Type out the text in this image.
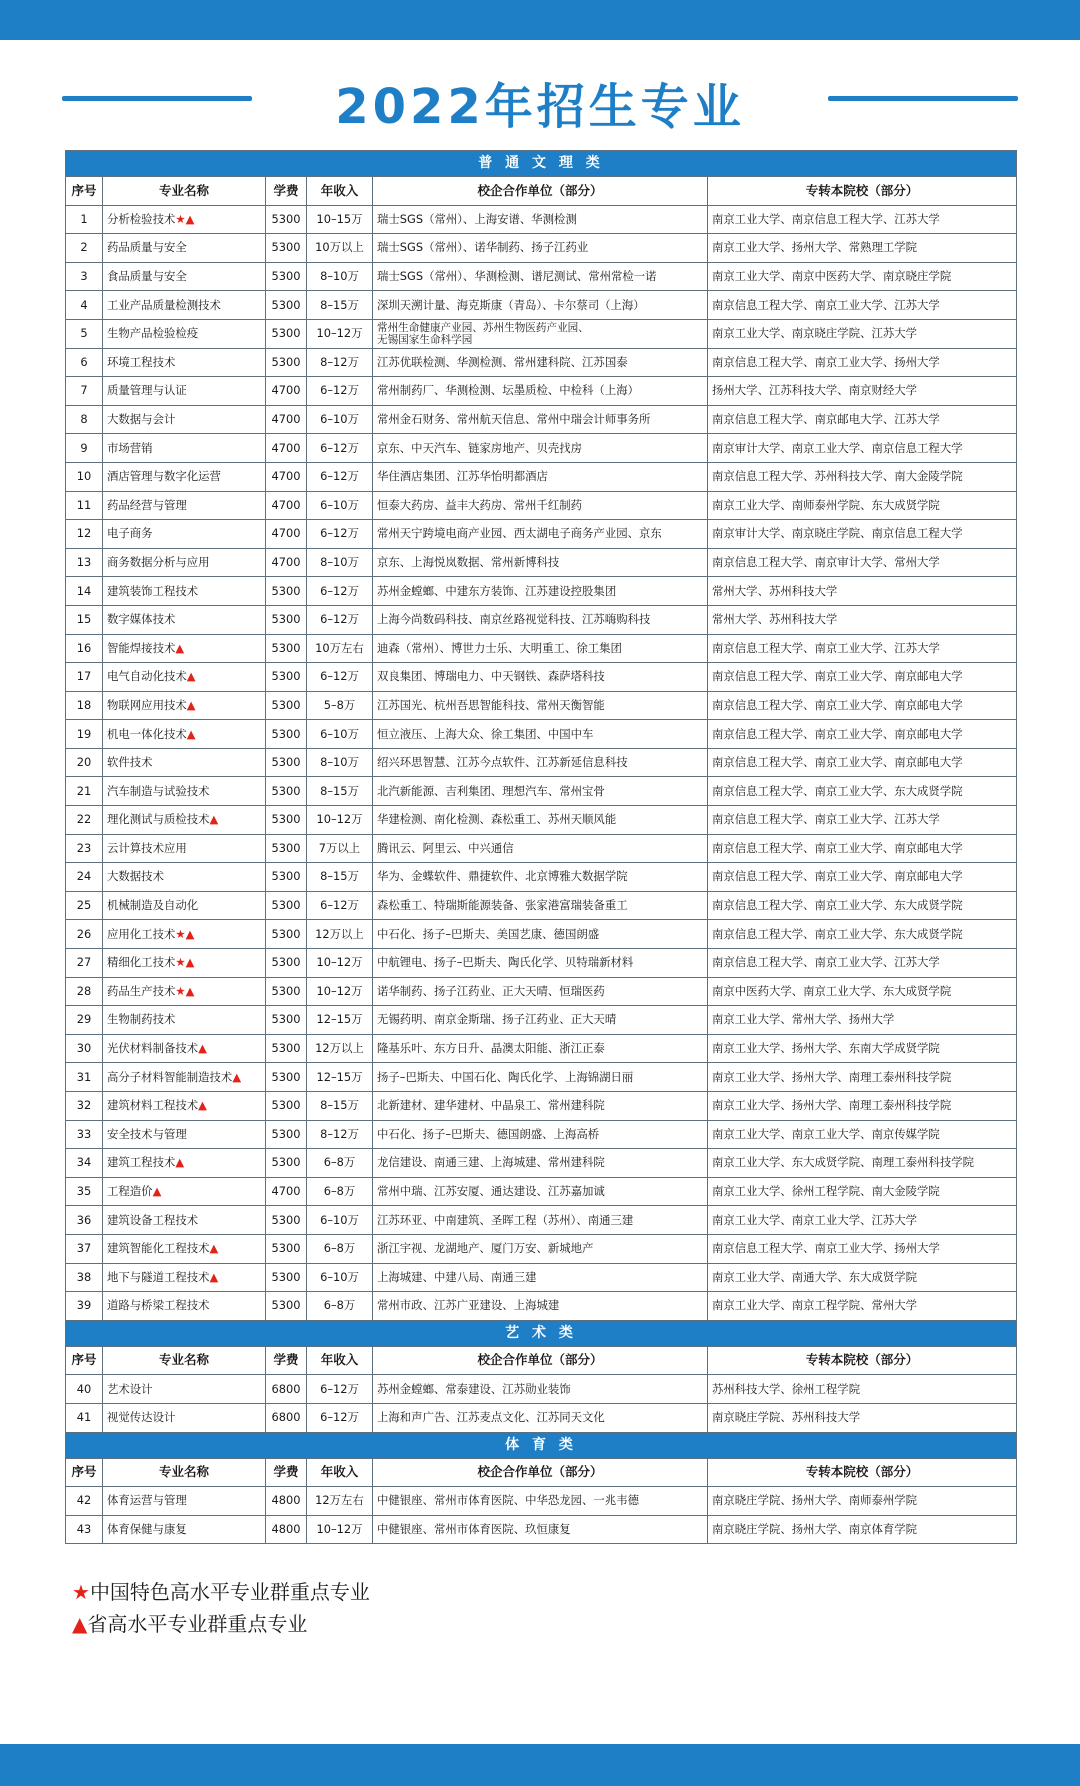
2022年招生专业
普 通 文 理 类					
序号	专业名称	学费	年收入	校企合作单位（部分）	专转本院校（部分）
1	分析检验技术★▲	5300	10–15万	瑞士SGS（常州）、上海安谱、华测检测	南京工业大学、南京信息工程大学、江苏大学
2	药品质量与安全	5300	10万以上	瑞士SGS（常州）、诺华制药、扬子江药业	南京工业大学、扬州大学、常熟理工学院
3	食品质量与安全	5300	8–10万	瑞士SGS（常州）、华测检测、谱尼测试、常州常检一诺	南京工业大学、南京中医药大学、南京晓庄学院
4	工业产品质量检测技术	5300	8–15万	深圳天溯计量、海克斯康（青岛）、卡尔蔡司（上海）	南京信息工程大学、南京工业大学、江苏大学
5	生物产品检验检疫	5300	10–12万	常州生命健康产业园、苏州生物医药产业园、
无锡国家生命科学园	南京工业大学、南京晓庄学院、江苏大学
6	环境工程技术	5300	8–12万	江苏优联检测、华测检测、常州建科院、江苏国泰	南京信息工程大学、南京工业大学、扬州大学
7	质量管理与认证	4700	6–12万	常州制药厂、华测检测、坛墨质检、中检科（上海）	扬州大学、江苏科技大学、南京财经大学
8	大数据与会计	4700	6–10万	常州金石财务、常州航天信息、常州中瑞会计师事务所	南京信息工程大学、南京邮电大学、江苏大学
9	市场营销	4700	6–12万	京东、中天汽车、链家房地产、贝壳找房	南京审计大学、南京工业大学、南京信息工程大学
10	酒店管理与数字化运营	4700	6–12万	华住酒店集团、江苏华怡明都酒店	南京信息工程大学、苏州科技大学、南大金陵学院
11	药品经营与管理	4700	6–10万	恒泰大药房、益丰大药房、常州千红制药	南京工业大学、南师泰州学院、东大成贤学院
12	电子商务	4700	6–12万	常州天宁跨境电商产业园、西太湖电子商务产业园、京东	南京审计大学、南京晓庄学院、南京信息工程大学
13	商务数据分析与应用	4700	8–10万	京东、上海悦岚数据、常州新博科技	南京信息工程大学、南京审计大学、常州大学
14	建筑装饰工程技术	5300	6–12万	苏州金螳螂、中建东方装饰、江苏建设控股集团	常州大学、苏州科技大学
15	数字媒体技术	5300	6–12万	上海今尚数码科技、南京丝路视觉科技、江苏嗨购科技	常州大学、苏州科技大学
16	智能焊接技术▲	5300	10万左右	迪森（常州）、博世力士乐、大明重工、徐工集团	南京信息工程大学、南京工业大学、江苏大学
17	电气自动化技术▲	5300	6–12万	双良集团、博瑞电力、中天钢铁、森萨塔科技	南京信息工程大学、南京工业大学、南京邮电大学
18	物联网应用技术▲	5300	5–8万	江苏国光、杭州吾思智能科技、常州天衡智能	南京信息工程大学、南京工业大学、南京邮电大学
19	机电一体化技术▲	5300	6–10万	恒立液压、上海大众、徐工集团、中国中车	南京信息工程大学、南京工业大学、南京邮电大学
20	软件技术	5300	8–10万	绍兴环思智慧、江苏今点软件、江苏新延信息科技	南京信息工程大学、南京工业大学、南京邮电大学
21	汽车制造与试验技术	5300	8–15万	北汽新能源、吉利集团、理想汽车、常州宝骨	南京信息工程大学、南京工业大学、东大成贤学院
22	理化测试与质检技术▲	5300	10–12万	华建检测、南化检测、森松重工、苏州天顺风能	南京信息工程大学、南京工业大学、江苏大学
23	云计算技术应用	5300	7万以上	腾讯云、阿里云、中兴通信	南京信息工程大学、南京工业大学、南京邮电大学
24	大数据技术	5300	8–15万	华为、金蝶软件、鼎捷软件、北京博雅大数据学院	南京信息工程大学、南京工业大学、南京邮电大学
25	机械制造及自动化	5300	6–12万	森松重工、特瑞斯能源装备、张家港富瑞装备重工	南京信息工程大学、南京工业大学、东大成贤学院
26	应用化工技术★▲	5300	12万以上	中石化、扬子–巴斯夫、美国艺康、德国朗盛	南京信息工程大学、南京工业大学、东大成贤学院
27	精细化工技术★▲	5300	10–12万	中航锂电、扬子–巴斯夫、陶氏化学、贝特瑞新材料	南京信息工程大学、南京工业大学、江苏大学
28	药品生产技术★▲	5300	10–12万	诺华制药、扬子江药业、正大天晴、恒瑞医药	南京中医药大学、南京工业大学、东大成贤学院
29	生物制药技术	5300	12–15万	无锡药明、南京金斯瑞、扬子江药业、正大天晴	南京工业大学、常州大学、扬州大学
30	光伏材料制备技术▲	5300	12万以上	隆基乐叶、东方日升、晶澳太阳能、浙江正泰	南京工业大学、扬州大学、东南大学成贤学院
31	高分子材料智能制造技术▲	5300	12–15万	扬子–巴斯夫、中国石化、陶氏化学、上海锦湖日丽	南京工业大学、扬州大学、南理工泰州科技学院
32	建筑材料工程技术▲	5300	8–15万	北新建材、建华建材、中晶泉工、常州建科院	南京工业大学、扬州大学、南理工泰州科技学院
33	安全技术与管理	5300	8–12万	中石化、扬子–巴斯夫、德国朗盛、上海高桥	南京工业大学、南京工业大学、南京传媒学院
34	建筑工程技术▲	5300	6–8万	龙信建设、南通三建、上海城建、常州建科院	南京工业大学、东大成贤学院、南理工泰州科技学院
35	工程造价▲	4700	6–8万	常州中瑞、江苏安厦、通达建设、江苏嘉加诚	南京工业大学、徐州工程学院、南大金陵学院
36	建筑设备工程技术	5300	6–10万	江苏环亚、中南建筑、圣晖工程（苏州）、南通三建	南京工业大学、南京工业大学、江苏大学
37	建筑智能化工程技术▲	5300	6–8万	浙江宇视、龙湖地产、厦门万安、新城地产	南京信息工程大学、南京工业大学、扬州大学
38	地下与隧道工程技术▲	5300	6–10万	上海城建、中建八局、南通三建	南京工业大学、南通大学、东大成贤学院
39	道路与桥梁工程技术	5300	6–8万	常州市政、江苏广亚建设、上海城建	南京工业大学、南京工程学院、常州大学
艺 术 类					
序号	专业名称	学费	年收入	校企合作单位（部分）	专转本院校（部分）
40	艺术设计	6800	6–12万	苏州金螳螂、常泰建设、江苏勋业装饰	苏州科技大学、徐州工程学院
41	视觉传达设计	6800	6–12万	上海和声广告、江苏麦点文化、江苏同天文化	南京晓庄学院、苏州科技大学
体 育 类					
序号	专业名称	学费	年收入	校企合作单位（部分）	专转本院校（部分）
42	体育运营与管理	4800	12万左右	中健银座、常州市体育医院、中华恐龙园、一兆韦德	南京晓庄学院、扬州大学、南师泰州学院
43	体育保健与康复	4800	10–12万	中健银座、常州市体育医院、玖恒康复	南京晓庄学院、扬州大学、南京体育学院
★中国特色高水平专业群重点专业
▲省高水平专业群重点专业
